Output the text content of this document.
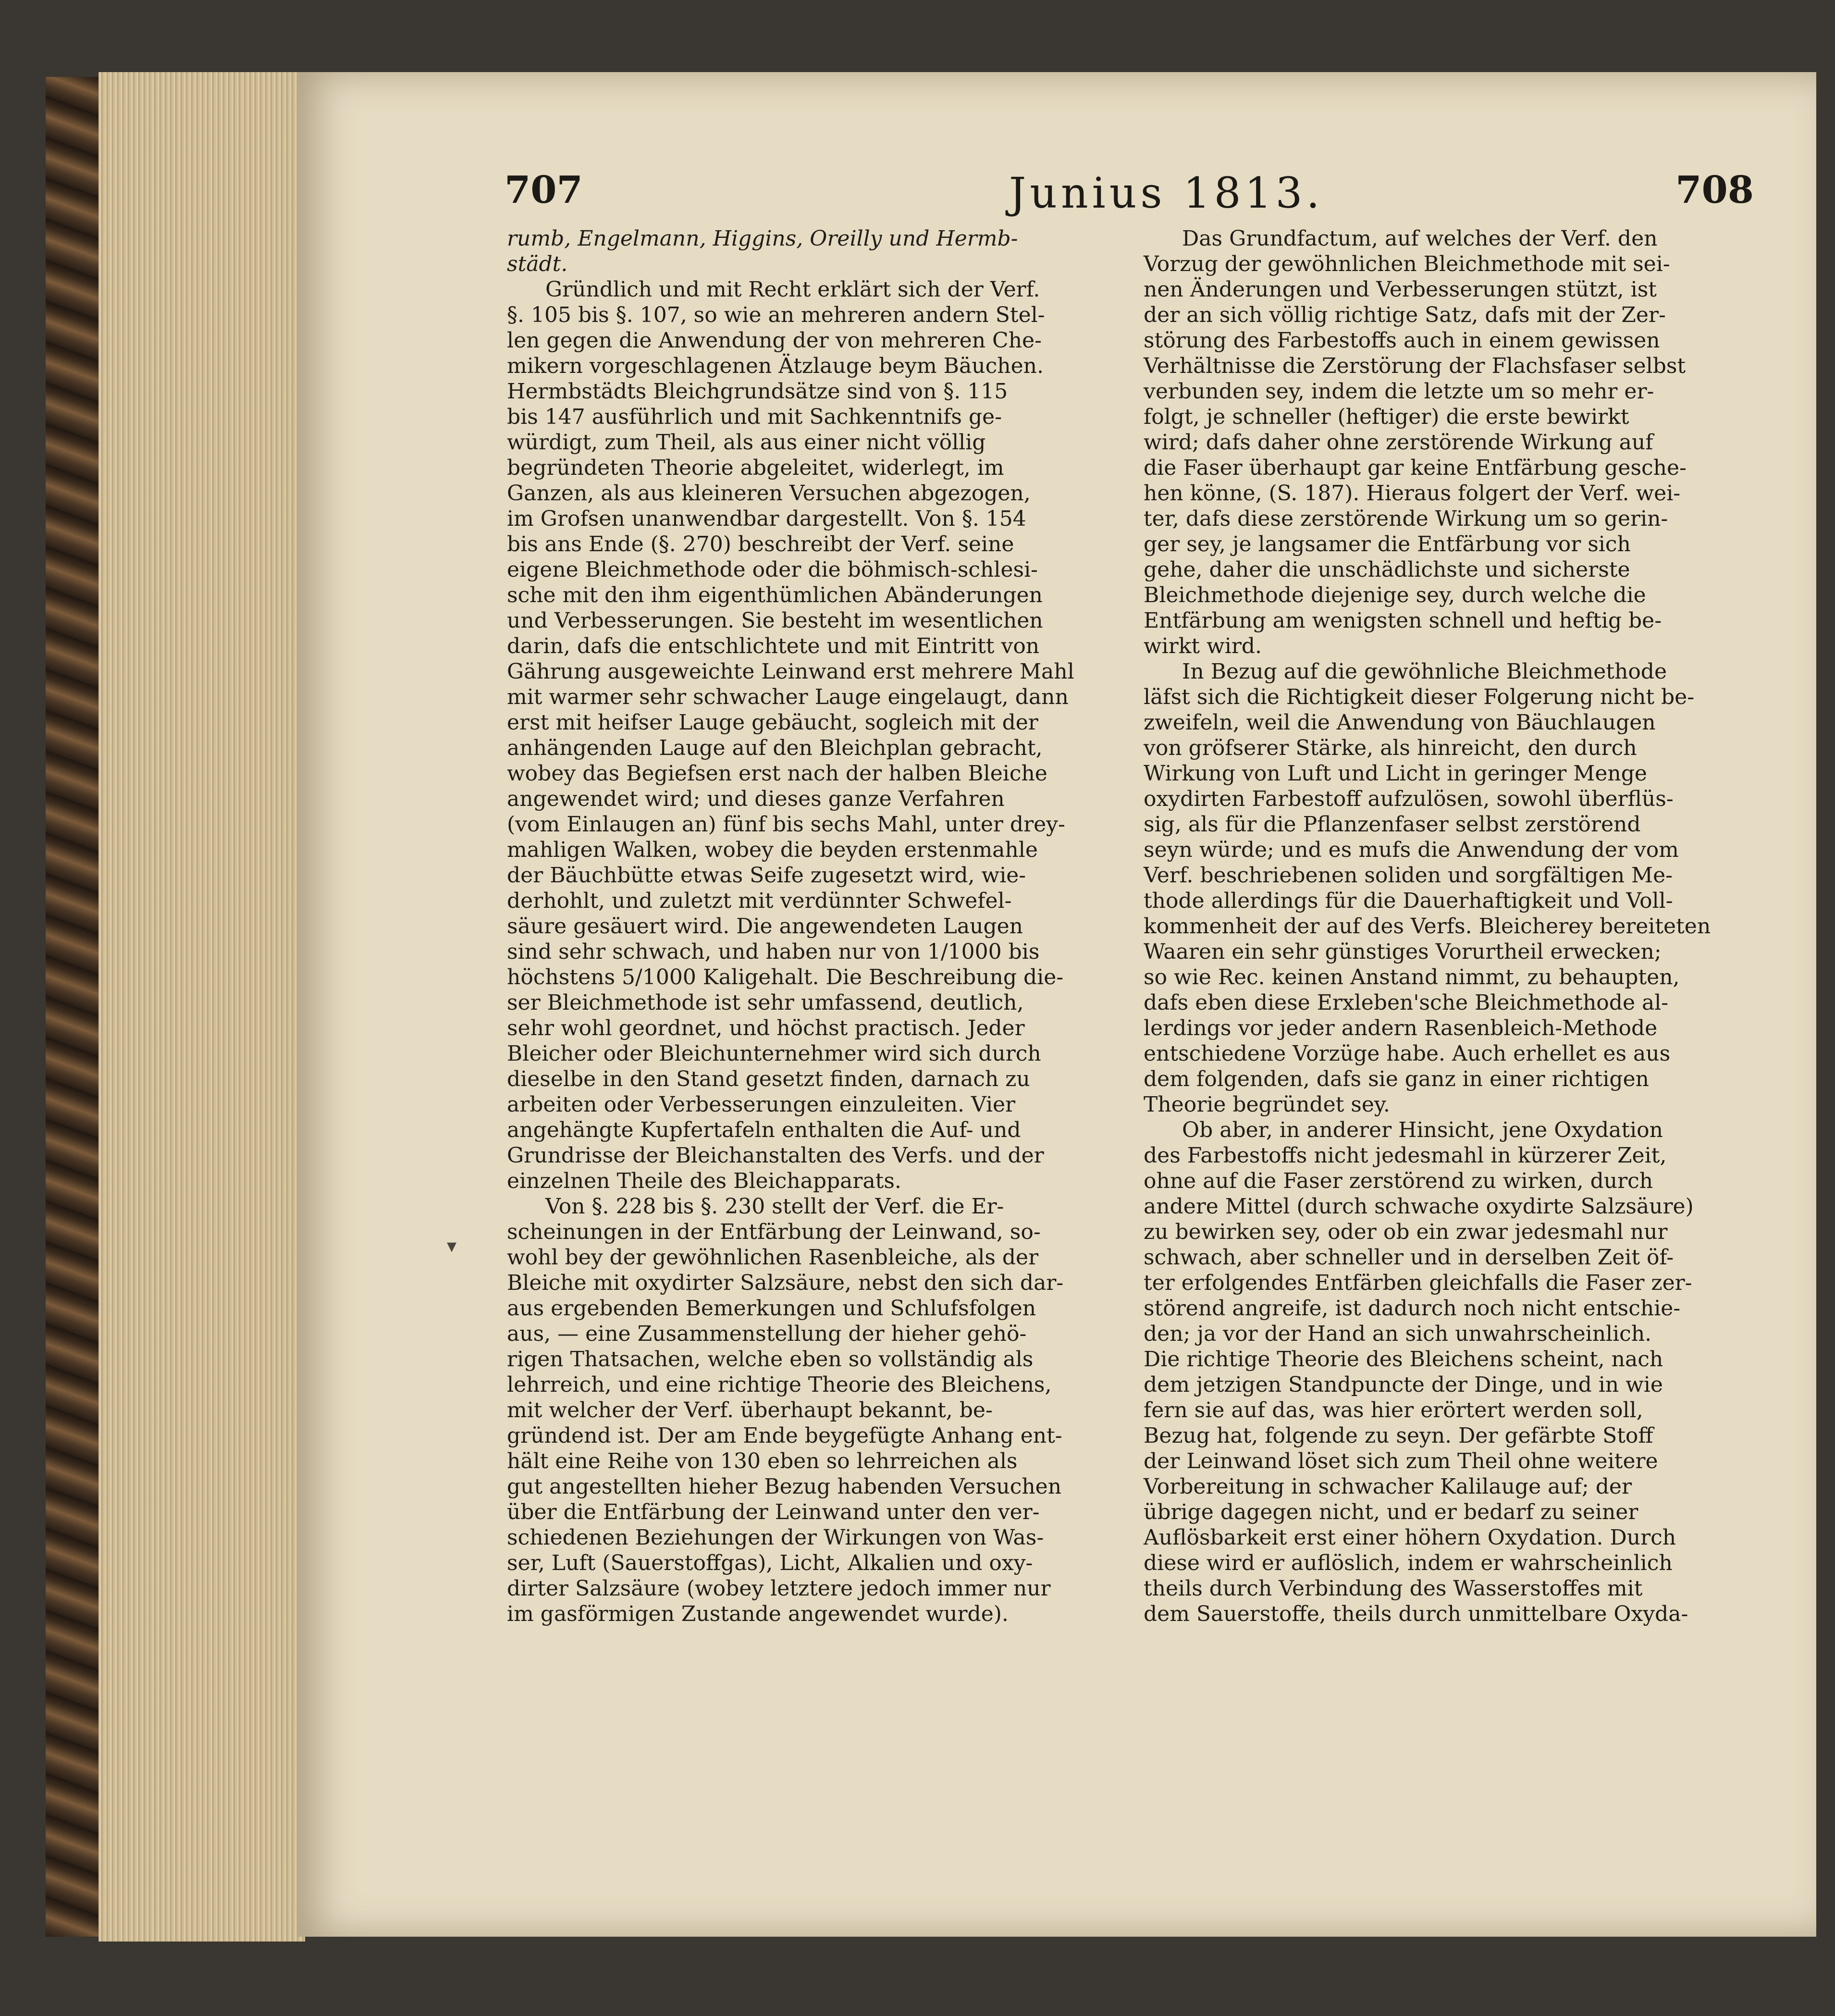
707	Junius 1813.	708
▾

rumb, Engelmann, Higgins, Oreilly und Hermb-
städt.

Gründlich und mit Recht erklärt sich der Verf.
§. 105 bis §. 107, so wie an mehreren andern Stel-
len gegen die Anwendung der von mehreren Che-
mikern vorgeschlagenen Ätzlauge beym Bäuchen.
Hermbstädts Bleichgrundsätze sind von §. 115
bis 147 ausführlich und mit Sachkenntnifs ge-
würdigt, zum Theil, als aus einer nicht völlig
begründeten Theorie abgeleitet, widerlegt, im
Ganzen, als aus kleineren Versuchen abgezogen,
im Grofsen unanwendbar dargestellt. Von §. 154
bis ans Ende (§. 270) beschreibt der Verf. seine
eigene Bleichmethode oder die böhmisch-schlesi-
sche mit den ihm eigenthümlichen Abänderungen
und Verbesserungen. Sie besteht im wesentlichen
darin, dafs die entschlichtete und mit Eintritt von
Gährung ausgeweichte Leinwand erst mehrere Mahl
mit warmer sehr schwacher Lauge eingelaugt, dann
erst mit heifser Lauge gebäucht, sogleich mit der
anhängenden Lauge auf den Bleichplan gebracht,
wobey das Begiefsen erst nach der halben Bleiche
angewendet wird; und dieses ganze Verfahren
(vom Einlaugen an) fünf bis sechs Mahl, unter drey-
mahligen Walken, wobey die beyden erstenmahle
der Bäuchbütte etwas Seife zugesetzt wird, wie-
derhohlt, und zuletzt mit verdünnter Schwefel-
säure gesäuert wird. Die angewendeten Laugen
sind sehr schwach, und haben nur von 1/1000 bis
höchstens 5/1000 Kaligehalt. Die Beschreibung die-
ser Bleichmethode ist sehr umfassend, deutlich,
sehr wohl geordnet, und höchst practisch. Jeder
Bleicher oder Bleichunternehmer wird sich durch
dieselbe in den Stand gesetzt finden, darnach zu
arbeiten oder Verbesserungen einzuleiten. Vier
angehängte Kupfertafeln enthalten die Auf- und
Grundrisse der Bleichanstalten des Verfs. und der
einzelnen Theile des Bleichapparats.

Von §. 228 bis §. 230 stellt der Verf. die Er-
scheinungen in der Entfärbung der Leinwand, so-
wohl bey der gewöhnlichen Rasenbleiche, als der
Bleiche mit oxydirter Salzsäure, nebst den sich dar-
aus ergebenden Bemerkungen und Schlufsfolgen
aus, — eine Zusammenstellung der hieher gehö-
rigen Thatsachen, welche eben so vollständig als
lehrreich, und eine richtige Theorie des Bleichens,
mit welcher der Verf. überhaupt bekannt, be-
gründend ist. Der am Ende beygefügte Anhang ent-
hält eine Reihe von 130 eben so lehrreichen als
gut angestellten hieher Bezug habenden Versuchen
über die Entfärbung der Leinwand unter den ver-
schiedenen Beziehungen der Wirkungen von Was-
ser, Luft (Sauerstoffgas), Licht, Alkalien und oxy-
dirter Salzsäure (wobey letztere jedoch immer nur
im gasförmigen Zustande angewendet wurde).

Das Grundfactum, auf welches der Verf. den
Vorzug der gewöhnlichen Bleichmethode mit sei-
nen Änderungen und Verbesserungen stützt, ist
der an sich völlig richtige Satz, dafs mit der Zer-
störung des Farbestoffs auch in einem gewissen
Verhältnisse die Zerstörung der Flachsfaser selbst
verbunden sey, indem die letzte um so mehr er-
folgt, je schneller (heftiger) die erste bewirkt
wird; dafs daher ohne zerstörende Wirkung auf
die Faser überhaupt gar keine Entfärbung gesche-
hen könne, (S. 187). Hieraus folgert der Verf. wei-
ter, dafs diese zerstörende Wirkung um so gerin-
ger sey, je langsamer die Entfärbung vor sich
gehe, daher die unschädlichste und sicherste
Bleichmethode diejenige sey, durch welche die
Entfärbung am wenigsten schnell und heftig be-
wirkt wird.

In Bezug auf die gewöhnliche Bleichmethode
läfst sich die Richtigkeit dieser Folgerung nicht be-
zweifeln, weil die Anwendung von Bäuchlaugen
von gröfserer Stärke, als hinreicht, den durch
Wirkung von Luft und Licht in geringer Menge
oxydirten Farbestoff aufzulösen, sowohl überflüs-
sig, als für die Pflanzenfaser selbst zerstörend
seyn würde; und es mufs die Anwendung der vom
Verf. beschriebenen soliden und sorgfältigen Me-
thode allerdings für die Dauerhaftigkeit und Voll-
kommenheit der auf des Verfs. Bleicherey bereiteten
Waaren ein sehr günstiges Vorurtheil erwecken;
so wie Rec. keinen Anstand nimmt, zu behaupten,
dafs eben diese Erxleben'sche Bleichmethode al-
lerdings vor jeder andern Rasenbleich-Methode
entschiedene Vorzüge habe. Auch erhellet es aus
dem folgenden, dafs sie ganz in einer richtigen
Theorie begründet sey.

Ob aber, in anderer Hinsicht, jene Oxydation
des Farbestoffs nicht jedesmahl in kürzerer Zeit,
ohne auf die Faser zerstörend zu wirken, durch
andere Mittel (durch schwache oxydirte Salzsäure)
zu bewirken sey, oder ob ein zwar jedesmahl nur
schwach, aber schneller und in derselben Zeit öf-
ter erfolgendes Entfärben gleichfalls die Faser zer-
störend angreife, ist dadurch noch nicht entschie-
den; ja vor der Hand an sich unwahrscheinlich.
Die richtige Theorie des Bleichens scheint, nach
dem jetzigen Standpuncte der Dinge, und in wie
fern sie auf das, was hier erörtert werden soll,
Bezug hat, folgende zu seyn. Der gefärbte Stoff
der Leinwand löset sich zum Theil ohne weitere
Vorbereitung in schwacher Kalilauge auf; der
übrige dagegen nicht, und er bedarf zu seiner
Auflösbarkeit erst einer höhern Oxydation. Durch
diese wird er auflöslich, indem er wahrscheinlich
theils durch Verbindung des Wasserstoffes mit
dem Sauerstoffe, theils durch unmittelbare Oxyda-
